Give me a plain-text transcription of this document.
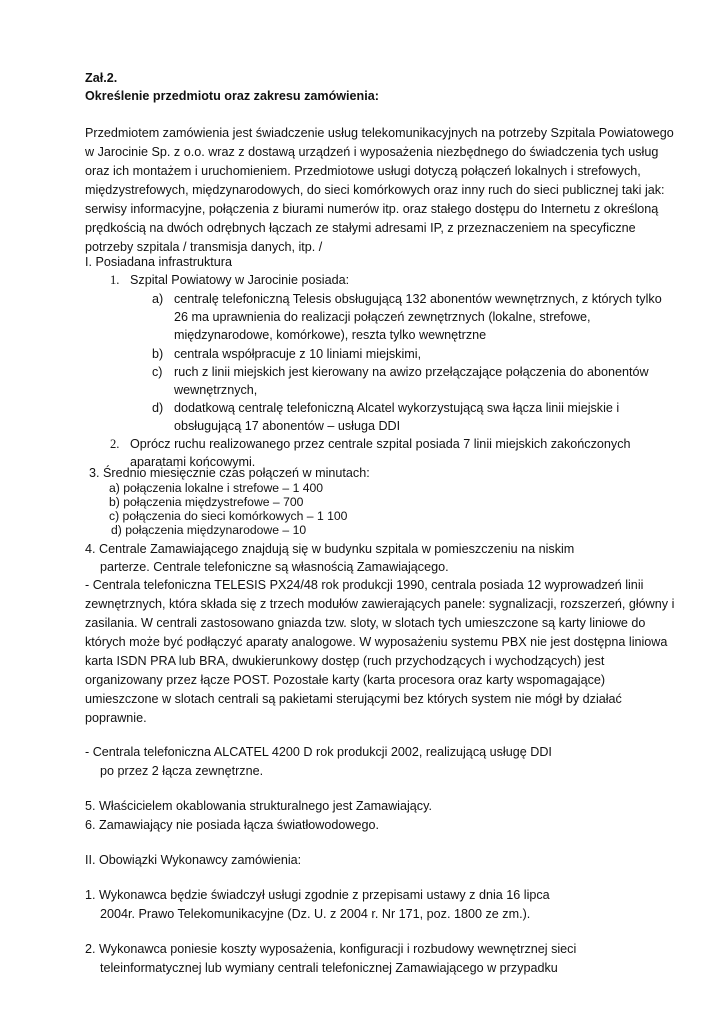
Zał.2.
Określenie przedmiotu oraz zakresu zamówienia:
Przedmiotem zamówienia jest świadczenie usług telekomunikacyjnych na potrzeby Szpitala Powiatowego
w Jarocinie Sp. z o.o. wraz z dostawą urządzeń i wyposażenia niezbędnego do świadczenia tych usług
oraz ich montażem i uruchomieniem. Przedmiotowe usługi dotyczą połączeń lokalnych i strefowych,
międzystrefowych, międzynarodowych, do sieci komórkowych oraz inny ruch do sieci publicznej taki jak:
serwisy informacyjne, połączenia z biurami numerów itp. oraz stałego dostępu do Internetu z określoną
prędkością na dwóch odrębnych łączach ze stałymi adresami IP, z przeznaczeniem na specyficzne
potrzeby szpitala / transmisja danych, itp. /
I. Posiadana infrastruktura
1. Szpital Powiatowy w Jarocinie posiada:
a) centralę telefoniczną Telesis obsługującą 132 abonentów wewnętrznych, z których tylko
26 ma uprawnienia do realizacji połączeń zewnętrznych (lokalne, strefowe,
międzynarodowe, komórkowe), reszta tylko wewnętrzne
b) centrala współpracuje z 10 liniami miejskimi,
c) ruch z linii miejskich jest kierowany na awizo przełączające połączenia do abonentów
wewnętrznych,
d) dodatkową centralę telefoniczną Alcatel wykorzystującą swa łącza linii miejskie i
obsługującą 17 abonentów – usługa DDI
2. Oprócz ruchu realizowanego przez centrale szpital posiada 7 linii miejskich zakończonych
aparatami końcowymi.
3. Średnio miesięcznie czas połączeń w minutach:
a) połączenia lokalne i strefowe – 1 400
b) połączenia międzystrefowe – 700
c) połączenia do sieci komórkowych – 1 100
d) połączenia międzynarodowe – 10
4. Centrale Zamawiającego znajdują się w budynku szpitala w pomieszczeniu na niskim
parterze. Centrale telefoniczne są własnością Zamawiającego.
- Centrala telefoniczna TELESIS PX24/48 rok produkcji 1990, centrala posiada 12 wyprowadzeń linii
zewnętrznych, która składa się z trzech modułów zawierających panele: sygnalizacji, rozszerzeń, główny i
zasilania. W centrali zastosowano gniazda tzw. sloty, w slotach tych umieszczone są karty liniowe do
których może być podłączyć aparaty analogowe. W wyposażeniu systemu PBX nie jest dostępna liniowa
karta ISDN PRA lub BRA, dwukierunkowy dostęp (ruch przychodzących i wychodzących) jest
organizowany przez łącze POST. Pozostałe karty (karta procesora oraz karty wspomagające)
umieszczone w slotach centrali są pakietami sterującymi bez których system nie mógł by działać
poprawnie.
- Centrala telefoniczna ALCATEL 4200 D rok produkcji 2002, realizującą usługę DDI
po przez 2 łącza zewnętrzne.
5. Właścicielem okablowania strukturalnego jest Zamawiający.
6. Zamawiający nie posiada łącza światłowodowego.
II. Obowiązki Wykonawcy zamówienia:
1. Wykonawca będzie świadczył usługi zgodnie z przepisami ustawy z dnia 16 lipca
2004r. Prawo Telekomunikacyjne (Dz. U. z 2004 r. Nr 171, poz. 1800 ze zm.).
2. Wykonawca poniesie koszty wyposażenia, konfiguracji i rozbudowy wewnętrznej sieci
teleinformatycznej lub wymiany centrali telefonicznej Zamawiającego w przypadku
